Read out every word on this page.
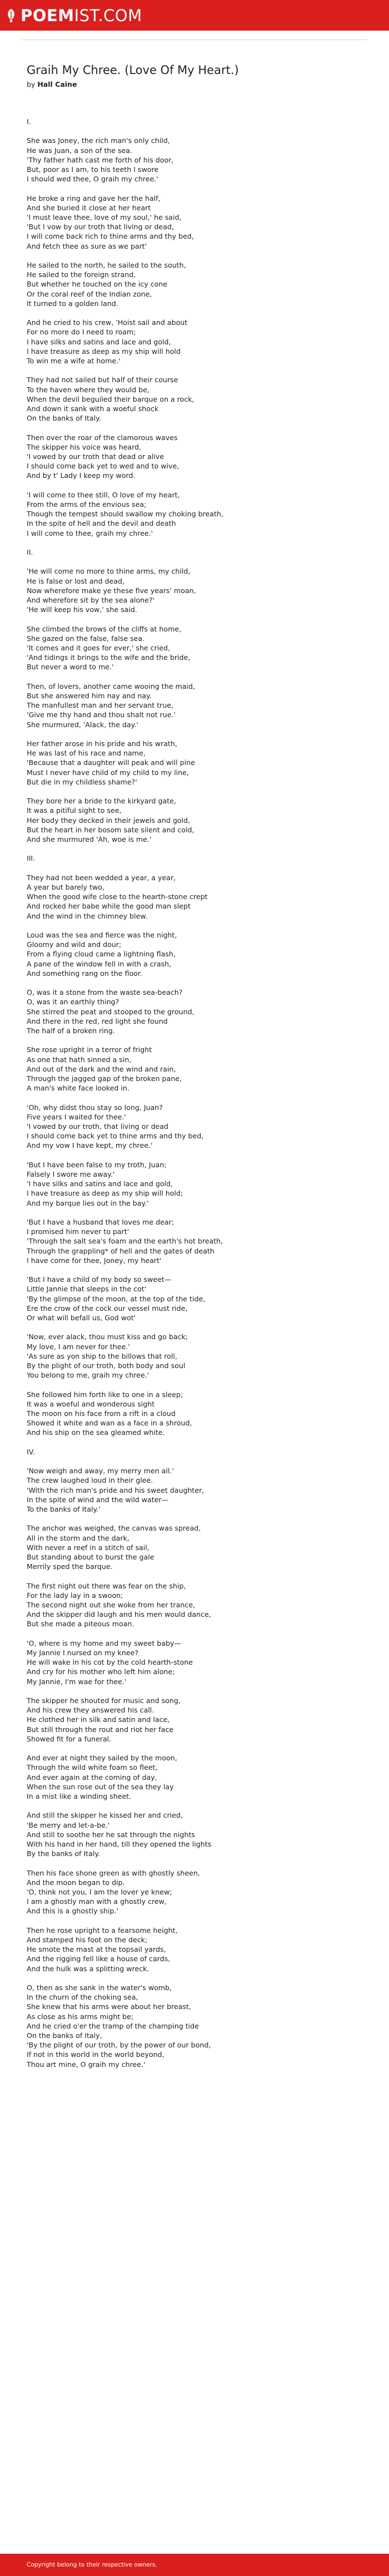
POEMIST.COM
Graih My Chree. (Love Of My Heart.)
by Hall Caine

I.

She was Joney, the rich man's only child,
He was Juan, a son of the sea.
'Thy father hath cast me forth of his door,
But, poor as I am, to his teeth I swore
I should wed thee, O graih my chree.'

He broke a ring and gave her the half,
And she buried it close at her heart
'I must leave thee, love of my soul,' he said,
'But I vow by our troth that living or dead,
I will come back rich to thine arms and thy bed,
And fetch thee as sure as we part'

He sailed to the north, he sailed to the south,
He sailed to the foreign strand,
But whether he touched on the icy cone
Or the coral reef of the Indian zone,
It turned to a golden land.

And he cried to his crew, 'Hoist sail and about
For no more do I need to roam;
I have silks and satins and lace and gold,
I have treasure as deep as my ship will hold
To win me a wife at home.'

They had not sailed but half of their course
To the haven where they would be,
When the devil beguiled their barque on a rock,
And down it sank with a woeful shock
On the banks of Italy.

Then over the roar of the clamorous waves
The skipper his voice was heard,
'I vowed by our troth that dead or alive
I should come back yet to wed and to wive,
And by t' Lady I keep my word.

'I will come to thee still, O love of my heart,
From the arms of the envious sea;
Though the tempest should swallow my choking breath,
In the spite of hell and the devil and death
I will come to thee, graih my chree.'

II.

'He will come no more to thine arms, my child,
He is false or lost and dead,
Now wherefore make ye these five years' moan,
And wherefore sit by the sea alone?'
'He will keep his vow,' she said.

She climbed the brows of the cliffs at home,
She gazed on the false, false sea.
'It comes and it goes for ever,' she cried,
'And tidings it brings to the wife and the bride,
But never a word to me.'

Then, of lovers, another came wooing the maid,
But she answered him nay and nay.
The manfullest man and her servant true,
'Give me thy hand and thou shalt not rue.'
She murmured, 'Alack, the day.'

Her father arose in his pride and his wrath,
He was last of his race and name,
'Because that a daughter will peak and will pine
Must I never have child of my child to my line,
But die in my childless shame?'

They bore her a bride to the kirkyard gate,
It was a pitiful sight to see,
Her body they decked in their jewels and gold,
But the heart in her bosom sate silent and cold,
And she murmured 'Ah, woe is me.'

III.

They had not been wedded a year, a year,
A year but barely two,
When the good wife close to the hearth-stone crept
And rocked her babe while the good man slept
And the wind in the chimney blew.

Loud was the sea and fierce was the night,
Gloomy and wild and dour;
From a flying cloud came a lightning flash,
A pane of the window fell in with a crash,
And something rang on the floor.

O, was it a stone from the waste sea-beach?
O, was it an earthly thing?
She stirred the peat and stooped to the ground,
And there in the red, red light she found
The half of a broken ring.

She rose upright in a terror of fright
As one that hath sinned a sin,
And out of the dark and the wind and rain,
Through the jagged gap of the broken pane,
A man's white face looked in.

'Oh, why didst thou stay so long, Juan?
Five years I waited for thee.'
'I vowed by our troth, that living or dead
I should come back yet to thine arms and thy bed,
And my vow I have kept, my chree.'

'But I have been false to my troth, Juan;
Falsely I swore me away.'
'I have silks and satins and lace and gold,
I have treasure as deep as my ship will hold;
And my barque lies out in the bay.'

'But I have a husband that loves me dear;
I promised him never to part'
'Through the salt sea's foam and the earth's hot breath,
Through the grappling* of hell and the gates of death
I have come for thee, Joney, my heart'

'But I have a child of my body so sweet—
Little Jannie that sleeps in the cot'
'By the glimpse of the moon, at the top of the tide,
Ere the crow of the cock our vessel must ride,
Or what will befall us, God wot'

'Now, ever alack, thou must kiss and go back;
My love, I am never for thee.'
'As sure as yon ship to the billows that roll,
By the plight of our troth, both body and soul
You belong to me, graih my chree.'

She followed him forth like to one in a sleep;
It was a woeful and wonderous sight
The moon on his face from a rift in a cloud
Showed it white and wan as a face in a shroud,
And his ship on the sea gleamed white.

IV.

'Now weigh and away, my merry men all.'
The crew laughed loud in their glee.
'With the rich man's pride and his sweet daughter,
In the spite of wind and the wild water—
To the banks of Italy.'

The anchor was weighed, the canvas was spread,
All in the storm and the dark,
With never a reef in a stitch of sail,
But standing about to burst the gale
Merrily sped the barque.

The first night out there was fear on the ship,
For the lady lay in a swoon;
The second night out she woke from her trance,
And the skipper did laugh and his men would dance,
But she made a piteous moan.

'O, where is my home and my sweet baby—
My Jannie I nursed on my knee?
He will wake in his cot by the cold hearth-stone
And cry for his mother who left him alone;
My Jannie, I'm wae for thee.'

The skipper he shouted for music and song,
And his crew they answered his call.
He clothed her in silk and satin and lace,
But still through the rout and riot her face
Showed fit for a funeral.

And ever at night they sailed by the moon,
Through the wild white foam so fleet,
And ever again at the coming of day,
When the sun rose out of the sea they lay
In a mist like a winding sheet.

And still the skipper he kissed her and cried,
'Be merry and let-a-be.'
And still to soothe her he sat through the nights
With his hand in her hand, till they opened the lights
By the banks of Italy.

Then his face shone green as with ghostly sheen,
And the moon began to dip.
'O, think not you, I am the lover ye knew;
I am a ghostly man with a ghostly crew,
And this is a ghostly ship.'

Then he rose upright to a fearsome height,
And stamped his foot on the deck;
He smote the mast at the topsail yards,
And the rigging fell like a house of cards,
And the hulk was a splitting wreck.

O, then as she sank in the water's womb,
In the churn of the choking sea,
She knew that his arms were about her breast,
As close as his arms might be;
And he cried o'er the tramp of the champing tide
On the banks of Italy,
'By the plight of our troth, by the power of our bond,
If not in this world in the world beyond,
Thou art mine, O graih my chree.'

Copyright belong to their respective owners.
